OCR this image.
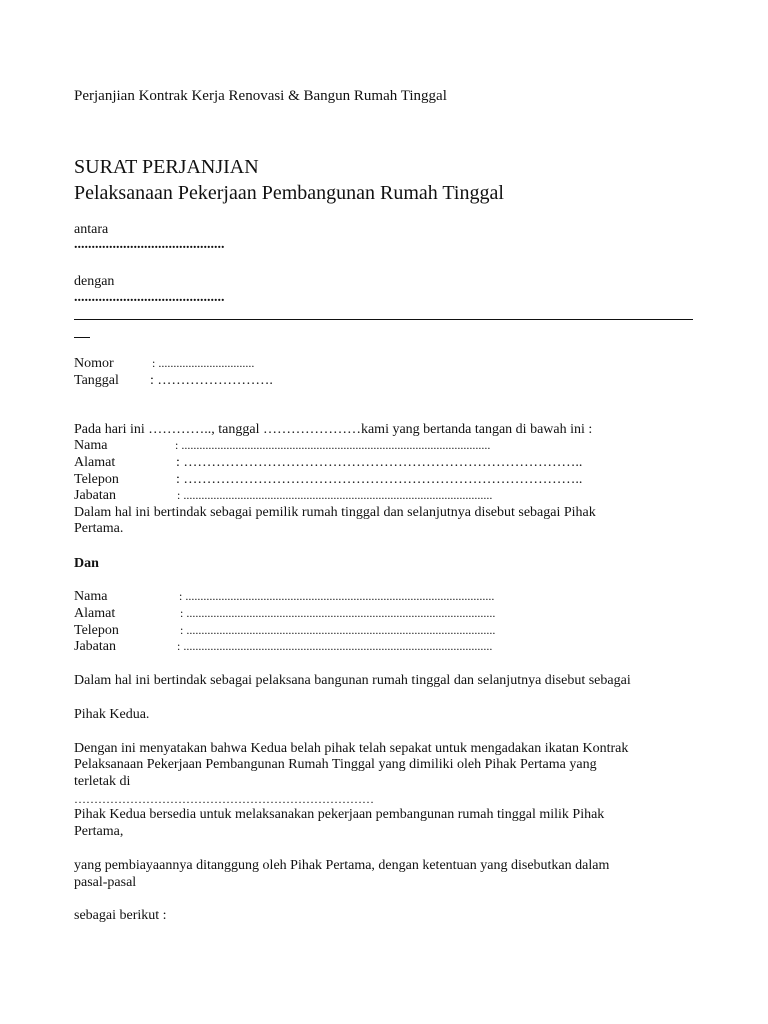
Perjanjian Kontrak Kerja Renovasi & Bangun Rumah Tinggal
SURAT PERJANJIAN
Pelaksanaan Pekerjaan Pembangunan Rumah Tinggal
antara
...........................................
dengan
...........................................
Nomor	: ................................
Tanggal : …………………….
Pada hari ini ………….., tanggal …………………kami yang bertanda tangan di bawah ini :
Nama	: .......................................................................................................
Alamat	: …………………………………………………………………………..
Telepon	: …………………………………………………………………………..
Jabatan	: .......................................................................................................
Dalam hal ini bertindak sebagai pemilik rumah tinggal dan selanjutnya disebut sebagai Pihak
Pertama.
Dan
Nama	: .......................................................................................................
Alamat	: .......................................................................................................
Telepon	: .......................................................................................................
Jabatan	: .......................................................................................................
Dalam hal ini bertindak sebagai pelaksana bangunan rumah tinggal dan selanjutnya disebut sebagai
Pihak Kedua.
Dengan ini menyatakan bahwa Kedua belah pihak telah sepakat untuk mengadakan ikatan Kontrak
Pelaksanaan Pekerjaan Pembangunan Rumah Tinggal yang dimiliki oleh Pihak Pertama yang
terletak di
…………………………………………………………………
Pihak Kedua bersedia untuk melaksanakan pekerjaan pembangunan rumah tinggal milik Pihak
Pertama,
yang pembiayaannya ditanggung oleh Pihak Pertama, dengan ketentuan yang disebutkan dalam
pasal-pasal
sebagai berikut :
